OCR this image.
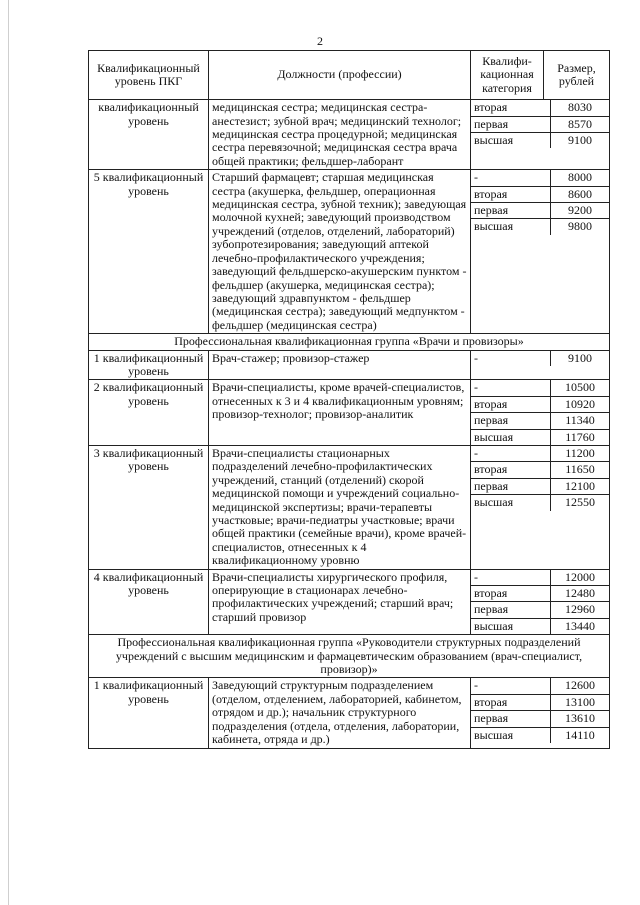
2
Квалификационный уровень ПКГ	Должности (профессии)	Квалифи-кационная категория	Размер, рублей
квалификационный уровень	медицинская сестра; медицинская сестра-анестезист; зубной врач; медицинский технолог; медицинская сестра процедурной; медицинская сестра перевязочной; медицинская сестра врача общей практики; фельдшер-лаборант	
вторая	8030
первая	8570
высшая	9100

5 квалификационный уровень	Старший фармацевт; старшая медицинская сестра (акушерка, фельдшер, операционная медицинская сестра, зубной техник); заведующая молочной кухней; заведующий производством учреждений (отделов, отделений, лабораторий) зубопротезирования; заведующий аптекой лечебно-профилактического учреждения; заведующий фельдшерско-акушерским пунктом - фельдшер (акушерка, медицинская сестра); заведующий здравпунктом - фельдшер (медицинская сестра); заведующий медпунктом - фельдшер (медицинская сестра)	
-	8000
вторая	8600
первая	9200
высшая	9800

Профессиональная квалификационная группа «Врачи и провизоры»
1 квалификационный уровень	Врач-стажер; провизор-стажер		-	9100

2 квалификационный уровень	Врачи-специалисты, кроме врачей-специалистов, отнесенных к 3 и 4 квалификационным уровням; провизор-технолог; провизор-аналитик	
-	10500
вторая	10920
первая	11340
высшая	11760

3 квалификационный уровень	Врачи-специалисты стационарных подразделений лечебно-профилактических учреждений, станций (отделений) скорой медицинской помощи и учреждений социально-медицинской экспертизы; врачи-терапевты участковые; врачи-педиатры участковые; врачи общей практики (семейные врачи), кроме врачей-специалистов, отнесенных к 4 квалификационному уровню	
-	11200
вторая	11650
первая	12100
высшая	12550

4 квалификационный уровень	Врачи-специалисты хирургического профиля, оперирующие в стационарах лечебно-профилактических учреждений; старший врач; старший провизор	
-	12000
вторая	12480
первая	12960
высшая	13440

Профессиональная квалификационная группа «Руководители структурных подразделений учреждений с высшим медицинским и фармацевтическим образованием (врач-специалист, провизор)»
1 квалификационный уровень	Заведующий структурным подразделением (отделом, отделением, лабораторией, кабинетом, отрядом и др.); начальник структурного подразделения (отдела, отделения, лаборатории, кабинета, отряда и др.)	
-	12600
вторая	13100
первая	13610
высшая	14110
